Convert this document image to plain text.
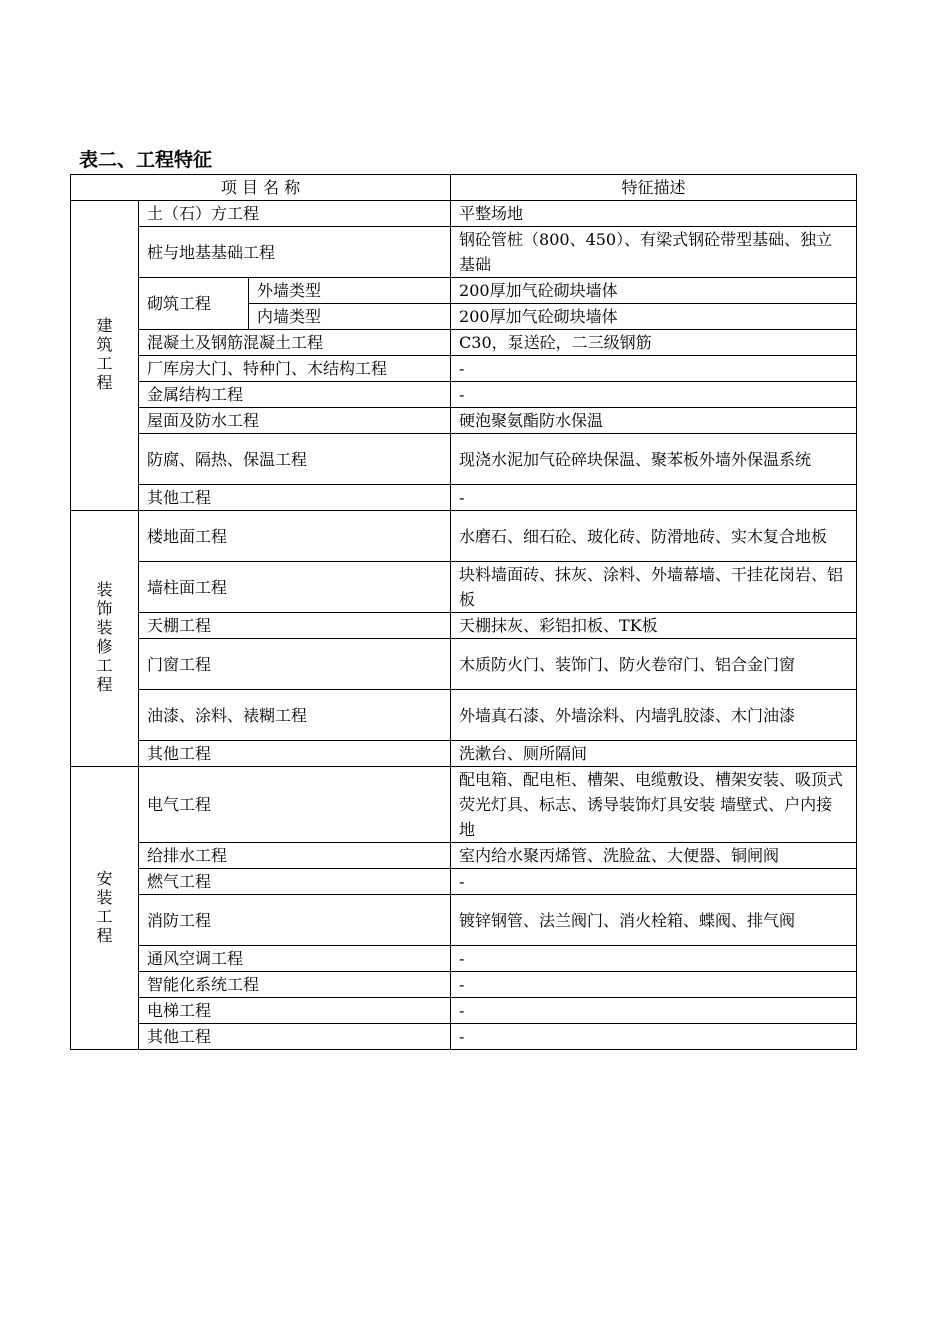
表二、工程特征
项 目 名 称			特征描述
建筑工程	土（石）方工程		平整场地
	桩与地基基础工程		钢砼管桩（800、450）、有梁式钢砼带型基础、独立基础
	砌筑工程	外墙类型	200厚加气砼砌块墙体
		内墙类型	200厚加气砼砌块墙体
	混凝土及钢筋混凝土工程		C30，泵送砼，二三级钢筋
	厂库房大门、特种门、木结构工程		-
	金属结构工程		-
	屋面及防水工程		硬泡聚氨酯防水保温
	防腐、隔热、保温工程		现浇水泥加气砼碎块保温、聚苯板外墙外保温系统
	其他工程		-
装饰装修工程	楼地面工程		水磨石、细石砼、玻化砖、防滑地砖、实木复合地板
	墙柱面工程		块料墙面砖、抹灰、涂料、外墙幕墙、干挂花岗岩、铝板
	天棚工程		天棚抹灰、彩铝扣板、TK板
	门窗工程		木质防火门、装饰门、防火卷帘门、铝合金门窗
	油漆、涂料、裱糊工程		外墙真石漆、外墙涂料、内墙乳胶漆、木门油漆
	其他工程		洗漱台、厕所隔间
安装工程	电气工程		配电箱、配电柜、槽架、电缆敷设、槽架安装、吸顶式荧光灯具、标志、诱导装饰灯具安装 墙壁式、户内接地
	给排水工程		室内给水聚丙烯管、洗脸盆、大便器、铜闸阀
	燃气工程		-
	消防工程		镀锌钢管、法兰阀门、消火栓箱、蝶阀、排气阀
	通风空调工程		-
	智能化系统工程		-
	电梯工程		-
	其他工程		-
